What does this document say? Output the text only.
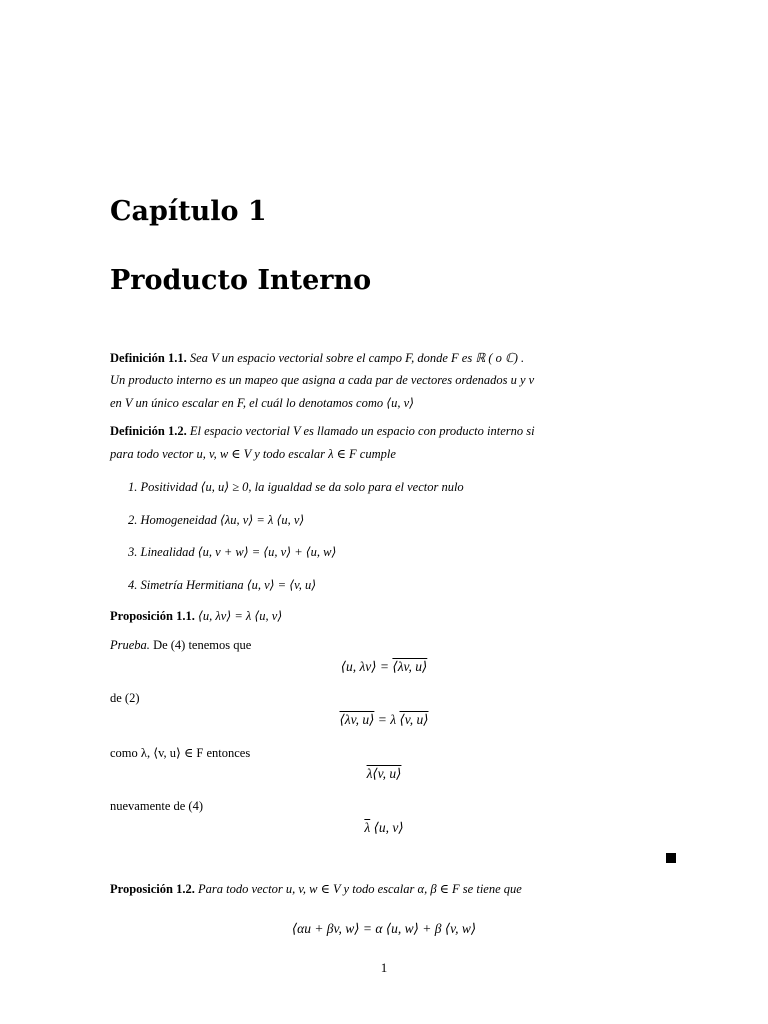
Capítulo 1
Producto Interno
Definición 1.1. Sea V un espacio vectorial sobre el campo F, donde F es ℝ ( o ℂ) .
Un producto interno es un mapeo que asigna a cada par de vectores ordenados u y v
en V un único escalar en F, el cuál lo denotamos como ⟨u, v⟩
Definición 1.2. El espacio vectorial V es llamado un espacio con producto interno si
para todo vector u, v, w ∈ V y todo escalar λ ∈ F cumple
1. Positividad ⟨u, u⟩ ≥ 0, la igualdad se da solo para el vector nulo
2. Homogeneidad ⟨λu, v⟩ = λ ⟨u, v⟩
3. Linealidad ⟨u, v + w⟩ = ⟨u, v⟩ + ⟨u, w⟩
4. Simetría Hermitiana ⟨u, v⟩ = ⟨v, u⟩
Proposición 1.1. ⟨u, λv⟩ = λ ⟨u, v⟩
Prueba. De (4) tenemos que
⟨u, λv⟩ = ⟨λv, u⟩
de (2)
⟨λv, u⟩ = λ ⟨v, u⟩
como λ, ⟨v, u⟩ ∈ F entonces
λ⟨v, u⟩
nuevamente de (4)
$\overline{\lambda}$ ⟨u, v⟩
Proposición 1.2. Para todo vector u, v, w ∈ V y todo escalar α, β ∈ F se tiene que
⟨αu + βv, w⟩ = α ⟨u, w⟩ + β ⟨v, w⟩
1
